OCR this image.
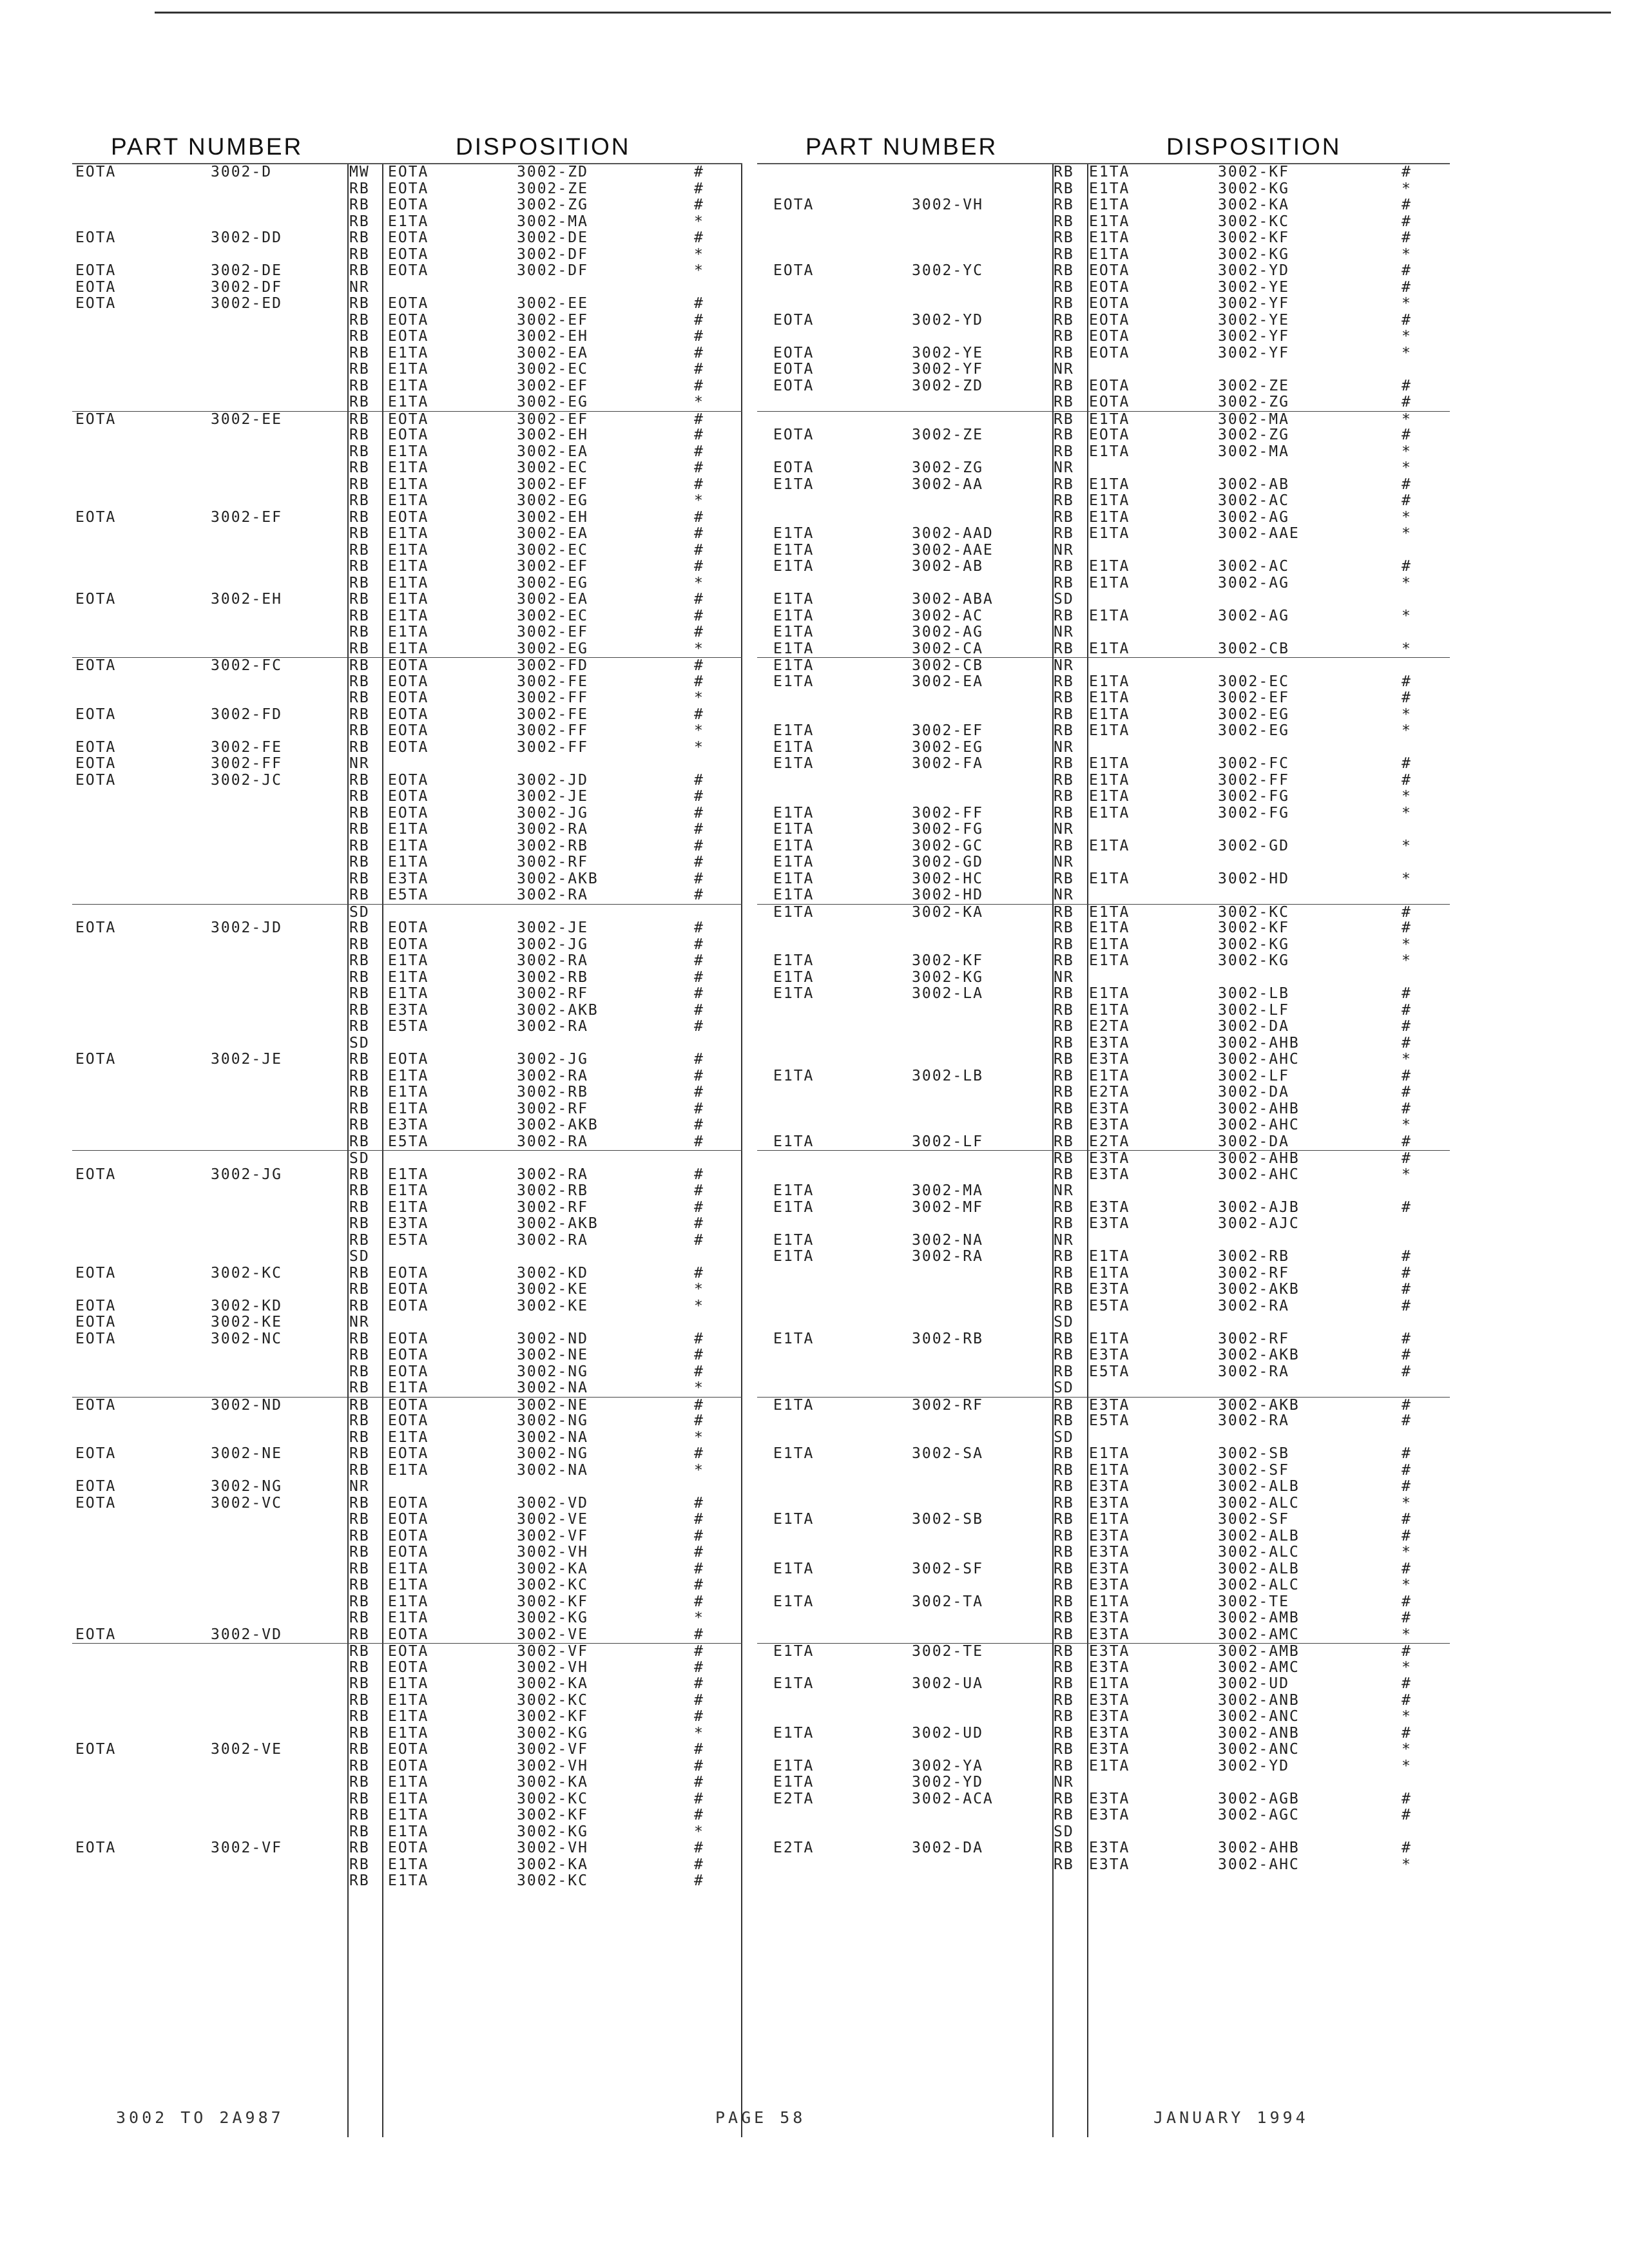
PART NUMBER	DISPOSITION
EOTA	3002-D	MW EOTA	3002-ZD	#
RB EOTA	3002-ZE	#
RB EOTA	3002-ZG	#
RB E1TA	3002-MA	*
EOTA	3002-DD	RB EOTA	3002-DE	#
RB EOTA	3002-DF	*
EOTA	3002-DE	RB EOTA	3002-DF	*
EOTA	3002-DF	NR
EOTA	3002-ED	RB EOTA	3002-EE	#
RB EOTA	3002-EF	#
RB EOTA	3002-EH	#
RB E1TA	3002-EA	#
RB E1TA	3002-EC	#
RB E1TA	3002-EF	#
RB E1TA	3002-EG	*
EOTA	3002-EE	RB EOTA	3002-EF	#
RB EOTA	3002-EH	#
RB E1TA	3002-EA	#
RB E1TA	3002-EC	#
RB E1TA	3002-EF	#
RB E1TA	3002-EG	*
EOTA	3002-EF	RB EOTA	3002-EH	#
RB E1TA	3002-EA	#
RB E1TA	3002-EC	#
RB E1TA	3002-EF	#
RB E1TA	3002-EG	*
EOTA	3002-EH	RB E1TA	3002-EA	#
RB E1TA	3002-EC	#
RB E1TA	3002-EF	#
RB E1TA	3002-EG	*
EOTA	3002-FC	RB EOTA	3002-FD	#
RB EOTA	3002-FE	#
RB EOTA	3002-FF	*
EOTA	3002-FD	RB EOTA	3002-FE	#
RB EOTA	3002-FF	*
EOTA	3002-FE	RB EOTA	3002-FF	*
EOTA	3002-FF	NR
EOTA	3002-JC	RB EOTA	3002-JD	#
RB EOTA	3002-JE	#
RB EOTA	3002-JG	#
RB E1TA	3002-RA	#
RB E1TA	3002-RB	#
RB E1TA	3002-RF	#
RB E3TA	3002-AKB	#
RB E5TA	3002-RA	#
SD
EOTA	3002-JD	RB EOTA	3002-JE	#
RB EOTA	3002-JG	#
RB E1TA	3002-RA	#
RB E1TA	3002-RB	#
RB E1TA	3002-RF	#
RB E3TA	3002-AKB	#
RB E5TA	3002-RA	#
SD
EOTA	3002-JE	RB EOTA	3002-JG	#
RB E1TA	3002-RA	#
RB E1TA	3002-RB	#
RB E1TA	3002-RF	#
RB E3TA	3002-AKB	#
RB E5TA	3002-RA	#
SD
EOTA	3002-JG	RB E1TA	3002-RA	#
RB E1TA	3002-RB	#
RB E1TA	3002-RF	#
RB E3TA	3002-AKB	#
RB E5TA	3002-RA	#
SD
EOTA	3002-KC	RB EOTA	3002-KD	#
RB EOTA	3002-KE	*
EOTA	3002-KD	RB EOTA	3002-KE	*
EOTA	3002-KE	NR
EOTA	3002-NC	RB EOTA	3002-ND	#
RB EOTA	3002-NE	#
RB EOTA	3002-NG	#
RB E1TA	3002-NA	*
EOTA	3002-ND	RB EOTA	3002-NE	#
RB EOTA	3002-NG	#
RB E1TA	3002-NA	*
EOTA	3002-NE	RB EOTA	3002-NG	#
RB E1TA	3002-NA	*
EOTA	3002-NG	NR
EOTA	3002-VC	RB EOTA	3002-VD	#
RB EOTA	3002-VE	#
RB EOTA	3002-VF	#
RB EOTA	3002-VH	#
RB E1TA	3002-KA	#
RB E1TA	3002-KC	#
RB E1TA	3002-KF	#
RB E1TA	3002-KG	*
EOTA	3002-VD	RB EOTA	3002-VE	#
RB EOTA	3002-VF	#
RB EOTA	3002-VH	#
RB E1TA	3002-KA	#
RB E1TA	3002-KC	#
RB E1TA	3002-KF	#
RB E1TA	3002-KG	*
EOTA	3002-VE	RB EOTA	3002-VF	#
RB EOTA	3002-VH	#
RB E1TA	3002-KA	#
RB E1TA	3002-KC	#
RB E1TA	3002-KF	#
RB E1TA	3002-KG	*
EOTA	3002-VF	RB EOTA	3002-VH	#
RB E1TA	3002-KA	#
RB E1TA	3002-KC	#
PART NUMBER	DISPOSITION
RB E1TA	3002-KF	#
RB E1TA	3002-KG	*
EOTA	3002-VH	RB E1TA	3002-KA	#
RB E1TA	3002-KC	#
RB E1TA	3002-KF	#
RB E1TA	3002-KG	*
EOTA	3002-YC	RB EOTA	3002-YD	#
RB EOTA	3002-YE	#
RB EOTA	3002-YF	*
EOTA	3002-YD	RB EOTA	3002-YE	#
RB EOTA	3002-YF	*
EOTA	3002-YE	RB EOTA	3002-YF	*
EOTA	3002-YF	NR
EOTA	3002-ZD	RB EOTA	3002-ZE	#
RB EOTA	3002-ZG	#
RB E1TA	3002-MA	*
EOTA	3002-ZE	RB EOTA	3002-ZG	#
RB E1TA	3002-MA	*
EOTA	3002-ZG	NR	*
E1TA	3002-AA	RB E1TA	3002-AB	#
RB E1TA	3002-AC	#
RB E1TA	3002-AG	*
E1TA	3002-AAD	RB E1TA	3002-AAE	*
E1TA	3002-AAE	NR
E1TA	3002-AB	RB E1TA	3002-AC	#
RB E1TA	3002-AG	*
E1TA	3002-ABA	SD
E1TA	3002-AC	RB E1TA	3002-AG	*
E1TA	3002-AG	NR
E1TA	3002-CA	RB E1TA	3002-CB	*
E1TA	3002-CB	NR
E1TA	3002-EA	RB E1TA	3002-EC	#
RB E1TA	3002-EF	#
RB E1TA	3002-EG	*
E1TA	3002-EF	RB E1TA	3002-EG	*
E1TA	3002-EG	NR
E1TA	3002-FA	RB E1TA	3002-FC	#
RB E1TA	3002-FF	#
RB E1TA	3002-FG	*
E1TA	3002-FF	RB E1TA	3002-FG	*
E1TA	3002-FG	NR
E1TA	3002-GC	RB E1TA	3002-GD	*
E1TA	3002-GD	NR
E1TA	3002-HC	RB E1TA	3002-HD	*
E1TA	3002-HD	NR
E1TA	3002-KA	RB E1TA	3002-KC	#
RB E1TA	3002-KF	#
RB E1TA	3002-KG	*
E1TA	3002-KF	RB E1TA	3002-KG	*
E1TA	3002-KG	NR
E1TA	3002-LA	RB E1TA	3002-LB	#
RB E1TA	3002-LF	#
RB E2TA	3002-DA	#
RB E3TA	3002-AHB	#
RB E3TA	3002-AHC	*
E1TA	3002-LB	RB E1TA	3002-LF	#
RB E2TA	3002-DA	#
RB E3TA	3002-AHB	#
RB E3TA	3002-AHC	*
E1TA	3002-LF	RB E2TA	3002-DA	#
RB E3TA	3002-AHB	#
RB E3TA	3002-AHC	*
E1TA	3002-MA	NR
E1TA	3002-MF	RB E3TA	3002-AJB	#
RB E3TA	3002-AJC
E1TA	3002-NA	NR
E1TA	3002-RA	RB E1TA	3002-RB	#
RB E1TA	3002-RF	#
RB E3TA	3002-AKB	#
RB E5TA	3002-RA	#
SD
E1TA	3002-RB	RB E1TA	3002-RF	#
RB E3TA	3002-AKB	#
RB E5TA	3002-RA	#
SD
E1TA	3002-RF	RB E3TA	3002-AKB	#
RB E5TA	3002-RA	#
SD
E1TA	3002-SA	RB E1TA	3002-SB	#
RB E1TA	3002-SF	#
RB E3TA	3002-ALB	#
RB E3TA	3002-ALC	*
E1TA	3002-SB	RB E1TA	3002-SF	#
RB E3TA	3002-ALB	#
RB E3TA	3002-ALC	*
E1TA	3002-SF	RB E3TA	3002-ALB	#
RB E3TA	3002-ALC	*
E1TA	3002-TA	RB E1TA	3002-TE	#
RB E3TA	3002-AMB	#
RB E3TA	3002-AMC	*
E1TA	3002-TE	RB E3TA	3002-AMB	#
RB E3TA	3002-AMC	*
E1TA	3002-UA	RB E1TA	3002-UD	#
RB E3TA	3002-ANB	#
RB E3TA	3002-ANC	*
E1TA	3002-UD	RB E3TA	3002-ANB	#
RB E3TA	3002-ANC	*
E1TA	3002-YA	RB E1TA	3002-YD	*
E1TA	3002-YD	NR
E2TA	3002-ACA	RB E3TA	3002-AGB	#
RB E3TA	3002-AGC	#
SD
E2TA	3002-DA	RB E3TA	3002-AHB	#
RB E3TA	3002-AHC	*
3002 TO 2A987	PAGE 58	JANUARY 1994
